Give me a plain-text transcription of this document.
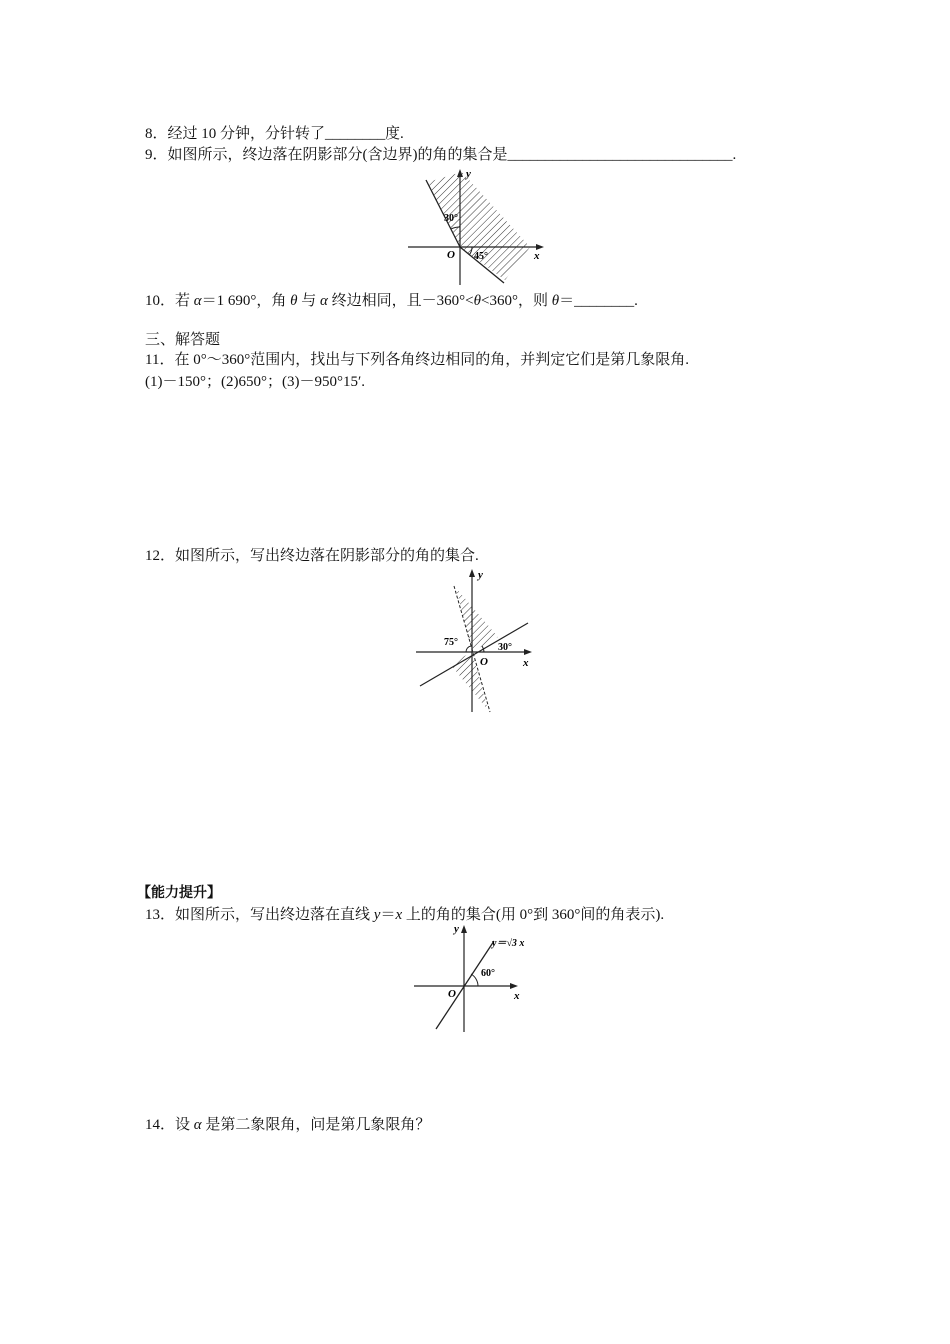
8．经过 10 分钟，分针转了________度.
9．如图所示，终边落在阴影部分(含边界)的角的集合是______________________________.
y
x
O
30°
45°
10．若 α＝1 690°，角 θ 与 α 终边相同，且－360°<θ<360°，则 θ＝________.
三、解答题
11．在 0°～360°范围内，找出与下列各角终边相同的角，并判定它们是第几象限角.
(1)－150°；(2)650°；(3)－950°15′.
12．如图所示，写出终边落在阴影部分的角的集合.
y
x
O
75°	30°
【能力提升】
13．如图所示，写出终边落在直线 y＝x 上的角的集合(用 0°到 360°间的角表示).
y
x
O
y＝√3 x
60°
14．设 α 是第二象限角，问是第几象限角？
